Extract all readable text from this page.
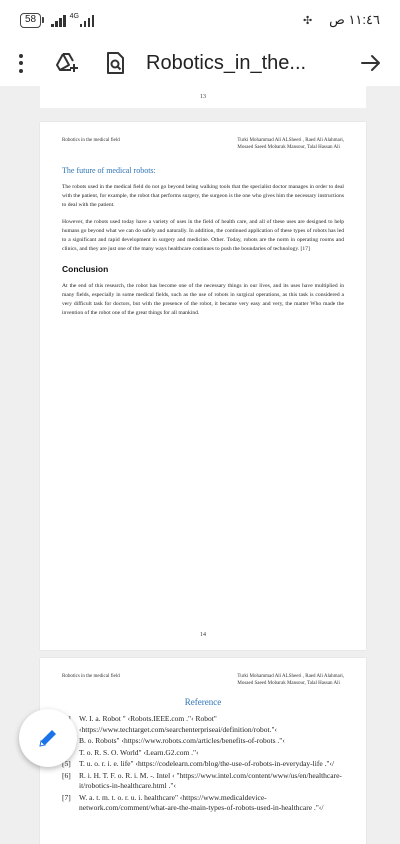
58	4G	✣ ١١:٤٦ ص
Robotics_in_the...
13
Robotics in the medical field	Turki Mohammad Ali ALSheeri , Raed Ali Alahmari,
Mosaed Saeed Mobarak Mansour, Talal Hassan Ali
The future of medical robots:

The robots used in the medical field do not go beyond being walking tools that the specialist doctor manages in order to deal with the patient, for example, the robot that performs surgery, the surgeon is the one who gives him the necessary instructions to deal with the patient.

However, the robots used today have a variety of uses in the field of health care, and all of these uses are designed to help humans go beyond what we can do safely and naturally. In addition, the continued application of these types of robots has led to a significant and rapid development in surgery and medicine. Other. Today, robots are the norm in operating rooms and clinics, and they are just one of the many ways healthcare continues to push the boundaries of technology. [17]

Conclusion

At the end of this research, the robot has become one of the necessary things in our lives, and its uses have multiplied in many fields, especially in some medical fields, such as the use of robots in surgical operations, as this task is considered a very difficult task for doctors, but with the presence of the robot, it became very easy and very, the matter Who made the invention of the robot one of the great things for all mankind.

14
Robotics in the medical field	Turki Mohammad Ali ALSheeri , Raed Ali Alahmari,
Mosaed Saeed Mobarak Mansour, Talal Hassan Ali
Reference
W. I. a. Robot " ‹Robots.IEEE.com ."‹ Robot" ‹https://www.techtarget.com/searchenterpriseai/definition/robot."‹
B. o. Robots" ‹https://www.robots.com/articles/benefits-of-robots ."‹
T. o. R. S. O. World" ‹Learn.G2.com ."‹
[5]	T. u. o. r. i. e. life" ‹https://codelearn.com/blog/the-use-of-robots-in-everyday-life ."‹/
[6]	R. i. H. T. F. o. R. i. M. -. Intel ‹ "https://www.intel.com/content/www/us/en/healthcare-it/robotics-in-healthcare.html ."‹
[7]	W. a. t. m. t. o. r. u. i. healthcare" ‹https://www.medicaldevice-network.com/comment/what-are-the-main-types-of-robots-used-in-healthcare ."‹/
